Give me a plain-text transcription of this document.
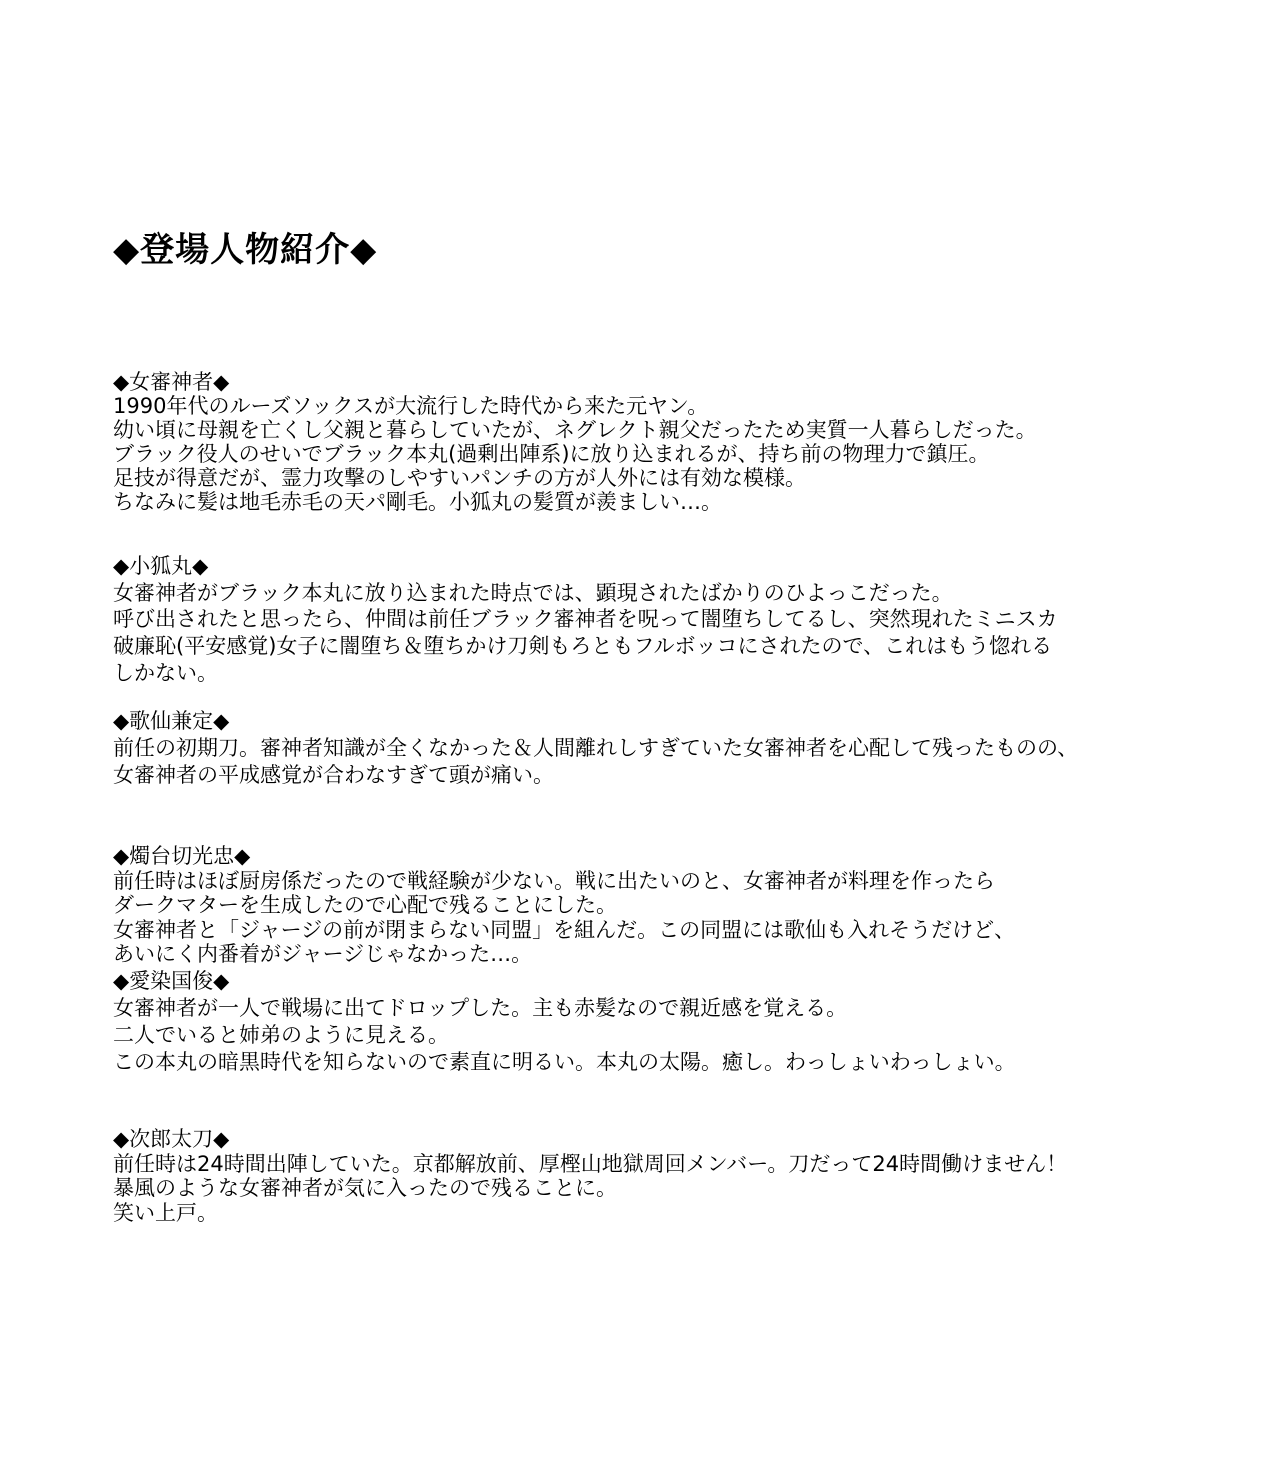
◆登場人物紹介◆
◆女審神者◆
1990年代のルーズソックスが大流行した時代から来た元ヤン。
幼い頃に母親を亡くし父親と暮らしていたが、ネグレクト親父だったため実質一人暮らしだった。
ブラック役人のせいでブラック本丸(過剰出陣系)に放り込まれるが、持ち前の物理力で鎮圧。
足技が得意だが、霊力攻撃のしやすいパンチの方が人外には有効な模様。
ちなみに髪は地毛赤毛の天パ剛毛。小狐丸の髪質が羨ましい…。
◆小狐丸◆
女審神者がブラック本丸に放り込まれた時点では、顕現されたばかりのひよっこだった。
呼び出されたと思ったら、仲間は前任ブラック審神者を呪って闇堕ちしてるし、突然現れたミニスカ
破廉恥(平安感覚)女子に闇堕ち＆堕ちかけ刀剣もろともフルボッコにされたので、これはもう惚れる
しかない。
◆歌仙兼定◆
前任の初期刀。審神者知識が全くなかった＆人間離れしすぎていた女審神者を心配して残ったものの、
女審神者の平成感覚が合わなすぎて頭が痛い。
◆燭台切光忠◆
前任時はほぼ厨房係だったので戦経験が少ない。戦に出たいのと、女審神者が料理を作ったら
ダークマターを生成したので心配で残ることにした。
女審神者と「ジャージの前が閉まらない同盟」を組んだ。この同盟には歌仙も入れそうだけど、
あいにく内番着がジャージじゃなかった…。
◆愛染国俊◆
女審神者が一人で戦場に出てドロップした。主も赤髪なので親近感を覚える。
二人でいると姉弟のように見える。
この本丸の暗黒時代を知らないので素直に明るい。本丸の太陽。癒し。わっしょいわっしょい。
◆次郎太刀◆
前任時は24時間出陣していた。京都解放前、厚樫山地獄周回メンバー。刀だって24時間働けません！
暴風のような女審神者が気に入ったので残ることに。
笑い上戸。
